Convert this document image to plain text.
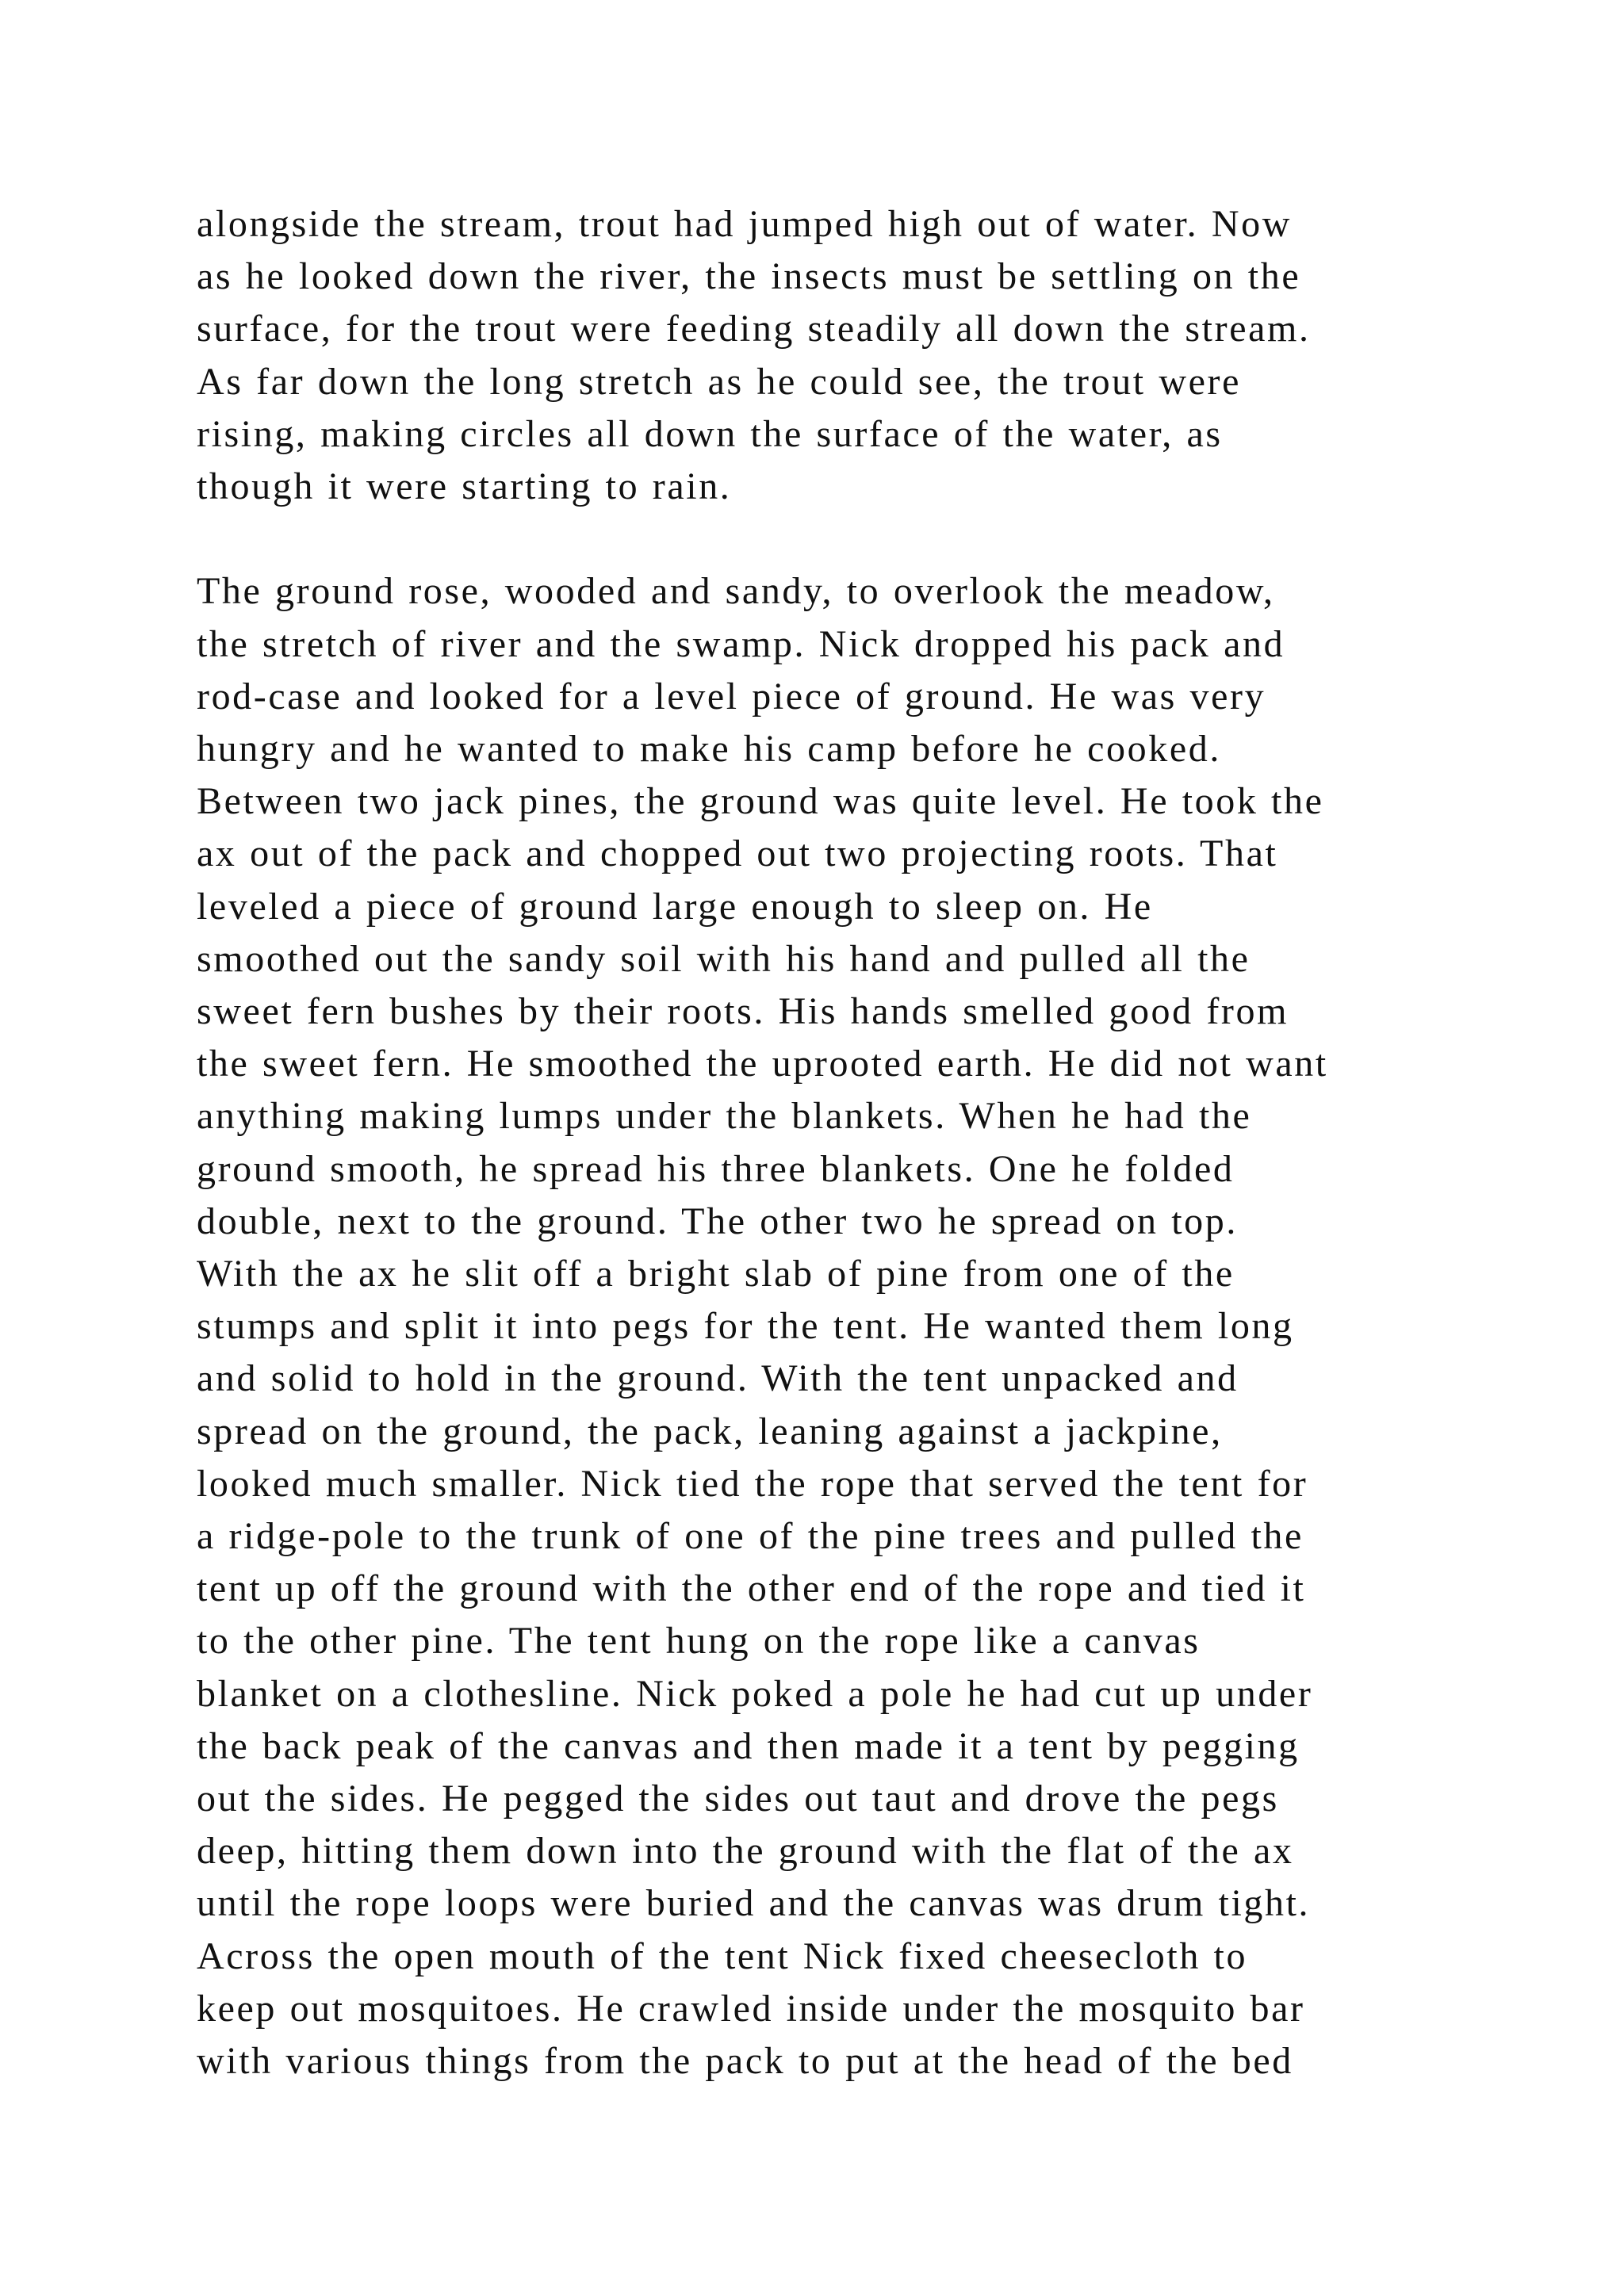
alongside the stream, trout had jumped high out of water. Now
as he looked down the river, the insects must be settling on the
surface, for the trout were feeding steadily all down the stream.
As far down the long stretch as he could see, the trout were
rising, making circles all down the surface of the water, as
though it were starting to rain.

The ground rose, wooded and sandy, to overlook the meadow,
the stretch of river and the swamp. Nick dropped his pack and
rod-case and looked for a level piece of ground. He was very
hungry and he wanted to make his camp before he cooked.
Between two jack pines, the ground was quite level. He took the
ax out of the pack and chopped out two projecting roots. That
leveled a piece of ground large enough to sleep on. He
smoothed out the sandy soil with his hand and pulled all the
sweet fern bushes by their roots. His hands smelled good from
the sweet fern. He smoothed the uprooted earth. He did not want
anything making lumps under the blankets. When he had the
ground smooth, he spread his three blankets. One he folded
double, next to the ground. The other two he spread on top.
With the ax he slit off a bright slab of pine from one of the
stumps and split it into pegs for the tent. He wanted them long
and solid to hold in the ground. With the tent unpacked and
spread on the ground, the pack, leaning against a jackpine,
looked much smaller. Nick tied the rope that served the tent for
a ridge-pole to the trunk of one of the pine trees and pulled the
tent up off the ground with the other end of the rope and tied it
to the other pine. The tent hung on the rope like a canvas
blanket on a clothesline. Nick poked a pole he had cut up under
the back peak of the canvas and then made it a tent by pegging
out the sides. He pegged the sides out taut and drove the pegs
deep, hitting them down into the ground with the flat of the ax
until the rope loops were buried and the canvas was drum tight.
Across the open mouth of the tent Nick fixed cheesecloth to
keep out mosquitoes. He crawled inside under the mosquito bar
with various things from the pack to put at the head of the bed
